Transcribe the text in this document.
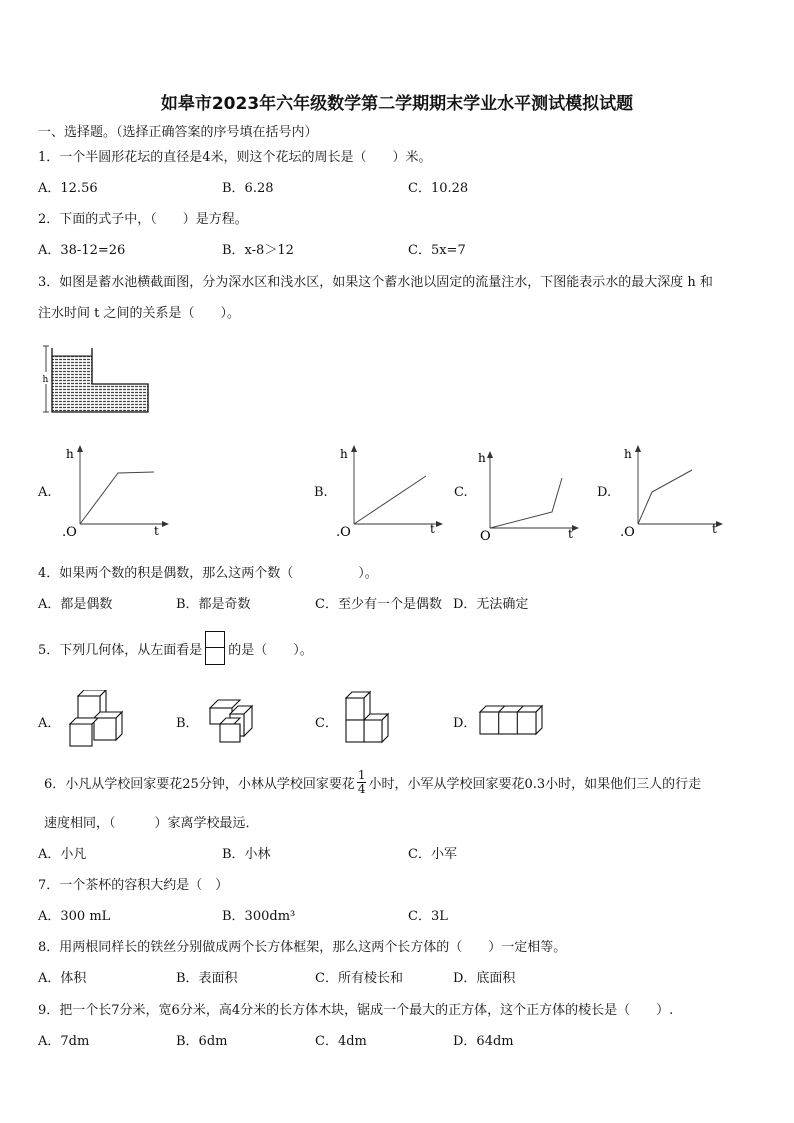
如皋市2023年六年级数学第二学期期末学业水平测试模拟试题
一、选择题。（选择正确答案的序号填在括号内）
1．一个半圆形花坛的直径是4米，则这个花坛的周长是（　　）米。
A．12.56	B．6.28	C．10.28
2．下面的式子中，（　　）是方程。
A．38-12=26	B．x-8＞12	C．5x=7
3．如图是蓄水池横截面图，分为深水区和浅水区，如果这个蓄水池以固定的流量注水，下图能表示水的最大深度 h 和
注水时间 t 之间的关系是（　　）。
h
A.
h
t
.O
B.
h
t
.O
C.
h
t
O
D.
h
t
.O
4．如果两个数的积是偶数，那么这两个数（　　　　　）。
A．都是偶数	B．都是奇数	C．至少有一个是偶数 D．无法确定
5．下列几何体，从左面看是 的是（　　）。
A．	B．	C．	D．
6．小凡从学校回家要花25分钟，小林从学校回家要花 $\frac{1}{4}$ 小时，小军从学校回家要花0.3小时，如果他们三人的行走
速度相同，（　　　）家离学校最远．
A．小凡	B．小林	C．小军
7．一个茶杯的容积大约是（　）
A．300 mL	B．300dm³	C．3L
8．用两根同样长的铁丝分别做成两个长方体框架，那么这两个长方体的（　　）一定相等。
A．体积	B．表面积	C．所有棱长和	D．底面积
9．把一个长7分米，宽6分米，高4分米的长方体木块，锯成一个最大的正方体，这个正方体的棱长是（　　）.
A．7dm	B．6dm	C．4dm	D．64dm
